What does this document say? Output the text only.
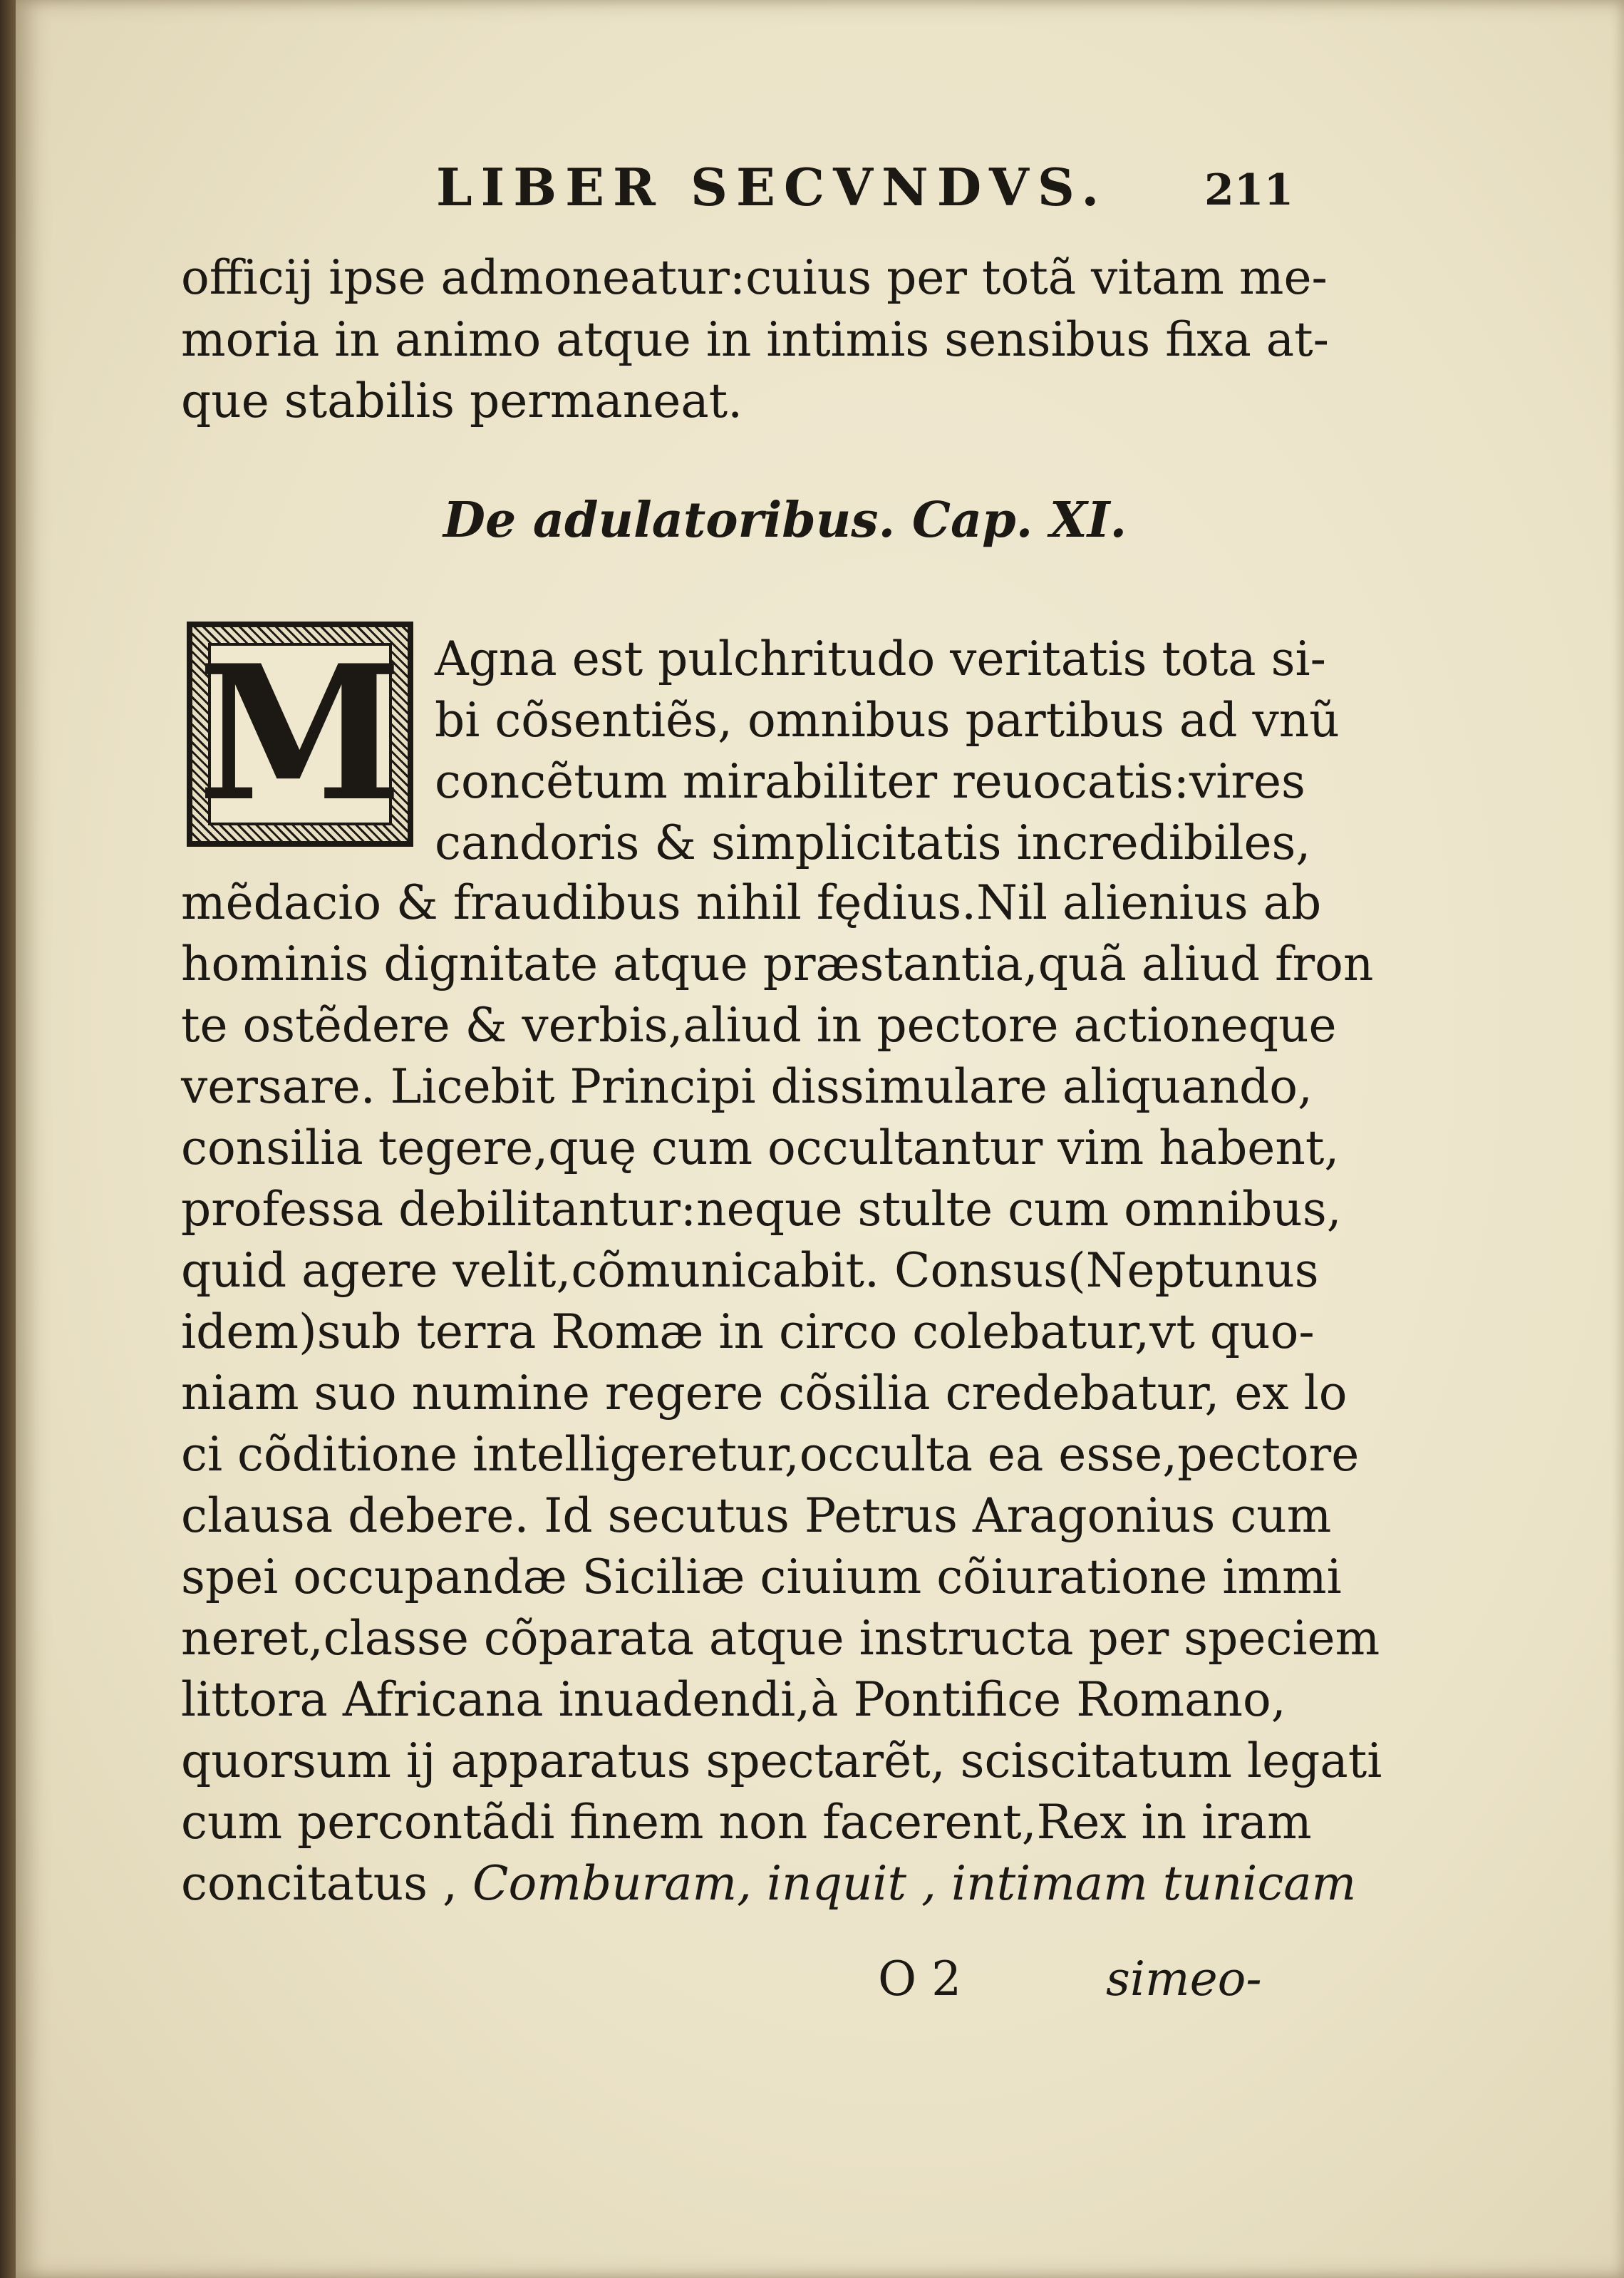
LIBER SECVNDVS. 211
officij ipse admoneatur:cuius per totã vitam me-
moria in animo atque in intimis sensibus fixa at-
que stabilis permaneat.
De adulatoribus. Cap. XI.
M Agna est pulchritudo veritatis tota si-
bi cõsentiẽs, omnibus partibus ad vnũ
concẽtum mirabiliter reuocatis:vires
candoris & simplicitatis incredibiles,
mẽdacio & fraudibus nihil fędius.Nil alienius ab
hominis dignitate atque præstantia,quã aliud fron
te ostẽdere & verbis,aliud in pectore actioneque
versare. Licebit Principi dissimulare aliquando,
consilia tegere,quę cum occultantur vim habent,
professa debilitantur:neque stulte cum omnibus,
quid agere velit,cõmunicabit. Consus(Neptunus
idem)sub terra Romæ in circo colebatur,vt quo-
niam suo numine regere cõsilia credebatur, ex lo
ci cõditione intelligeretur,occulta ea esse,pectore
clausa debere. Id secutus Petrus Aragonius cum
spei occupandæ Siciliæ ciuium cõiuratione immi
neret,classe cõparata atque instructa per speciem
littora Africana inuadendi,à Pontifice Romano,
quorsum ij apparatus spectarẽt, sciscitatum legati
cum percontãdi finem non facerent,Rex in iram
concitatus , Comburam, inquit , intimam tunicam
O 2	simeo-
